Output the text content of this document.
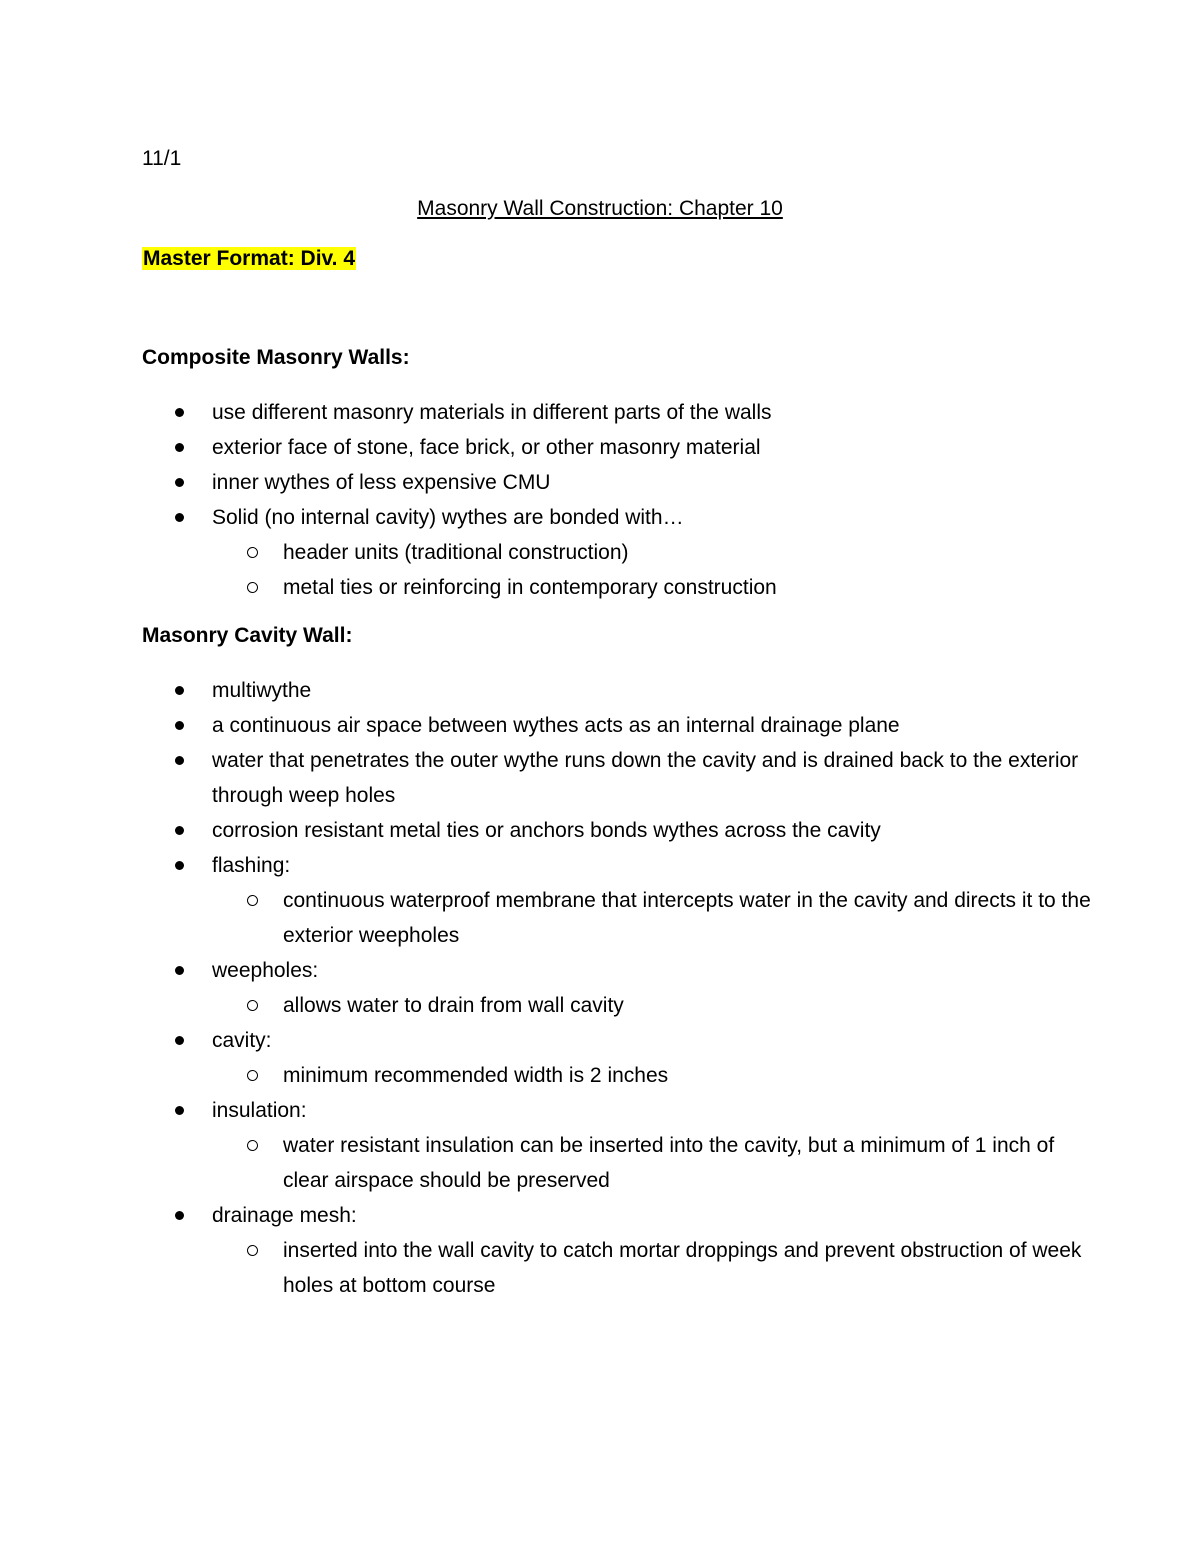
11/1
Masonry Wall Construction: Chapter 10
Master Format: Div. 4
Composite Masonry Walls:
use different masonry materials in different parts of the walls
exterior face of stone, face brick, or other masonry material
inner wythes of less expensive CMU
Solid (no internal cavity) wythes are bonded with…
header units (traditional construction)
metal ties or reinforcing in contemporary construction
Masonry Cavity Wall:
multiwythe
a continuous air space between wythes acts as an internal drainage plane
water that penetrates the outer wythe runs down the cavity and is drained back to the exterior through weep holes
corrosion resistant metal ties or anchors bonds wythes across the cavity
flashing:
continuous waterproof membrane that intercepts water in the cavity and directs it to the exterior weepholes
weepholes:
allows water to drain from wall cavity
cavity:
minimum recommended width is 2 inches
insulation:
water resistant insulation can be inserted into the cavity, but a minimum of 1 inch of clear airspace should be preserved
drainage mesh:
inserted into the wall cavity to catch mortar droppings and prevent obstruction of week holes at bottom course
